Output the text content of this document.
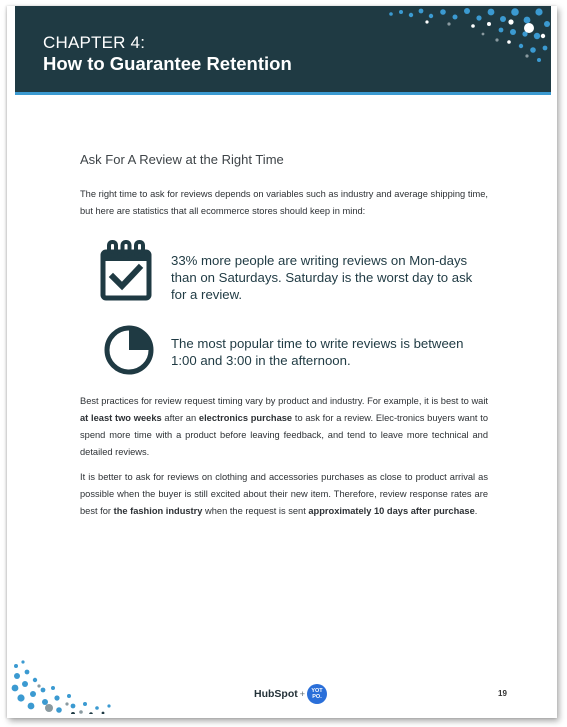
CHAPTER 4:
How to Guarantee Retention
Ask For A Review at the Right Time

The right time to ask for reviews depends on variables such as industry and average shipping time, but here are statistics that all ecommerce stores should keep in mind:

33% more people are writing reviews on Mon-days than on Saturdays. Saturday is the worst day to ask for a review.

The most popular time to write reviews is between 1:00 and 3:00 in the afternoon.

Best practices for review request timing vary by product and industry. For example, it is best to wait at least two weeks after an electronics purchase to ask for a review. Elec-tronics buyers want to spend more time with a product before leaving feedback, and tend to leave more technical and detailed reviews.

It is better to ask for reviews on clothing and accessories purchases as close to product arrival as possible when the buyer is still excited about their new item. Therefore, review response rates are best for the fashion industry when the request is sent approximately 10 days after purchase.

HubSpot +	YOT
PO.	19
